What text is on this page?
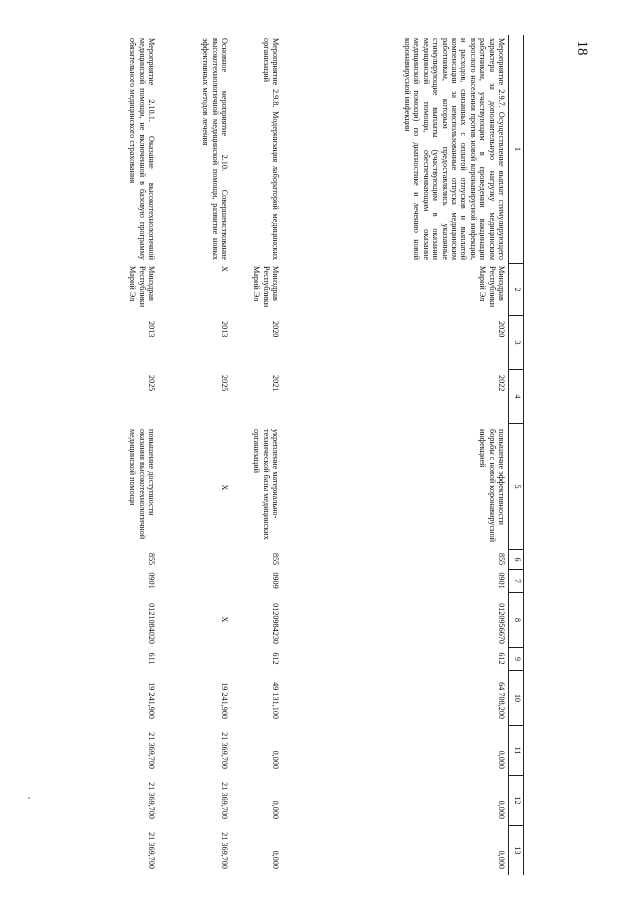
18
1
2
3
4
5
6
7
8
9
10
11
12
13
Мероприятие 2.9.7. Осуществление выплат стимулирующего характера за дополнительную нагрузку медицинским работникам, участвующим в проведении вакцинации взрослого населения против новой коронавирусной инфекции, и расходов, связанных с оплатой отпусков и выплатой компенсации за неиспользованные отпуска медицинским работникам, которым предоставлялись указанные стимулирующие выплаты (участвующим в оказании медицинской помощи, обеспечивающим оказание медицинской помощи) по диагностике и лечению новой коронавирусной инфекции
Минздрав Республики Марий Эл
2020
2022
повышение эффективности борьбы с новой коронавирусной инфекцией
855
0901
0120956670
612
64 708,200
0,000
0,000
0,000
Мероприятие 2.9.8. Модернизация лабораторий медицинских организаций
Минздрав Республики Марий Эл
2020
2021
укрепление материально-технической базы медицинских организаций
855
0909
0120984230
612
49 131,100
0,000
0,000
0,000
Основное мероприятие 2.10. Совершенствование высокотехнологичной медицинской помощи, развитие новых эффективных методов лечения
Х
2013
2025
Х
Х
19 241,900
21 369,700
21 369,700
21 369,700
Мероприятие 2.10.1. Оказание высокотехнологичной медицинской помощи, не включенной в базовую программу обязательного медицинского страхования
Минздрав Республики Марий Эл
2013
2025
повышение доступности оказания высокотехнологичной медицинской помощи
855
0901
0121084020
611
19 241,900
21 369,700
21 369,700
21 369,700
